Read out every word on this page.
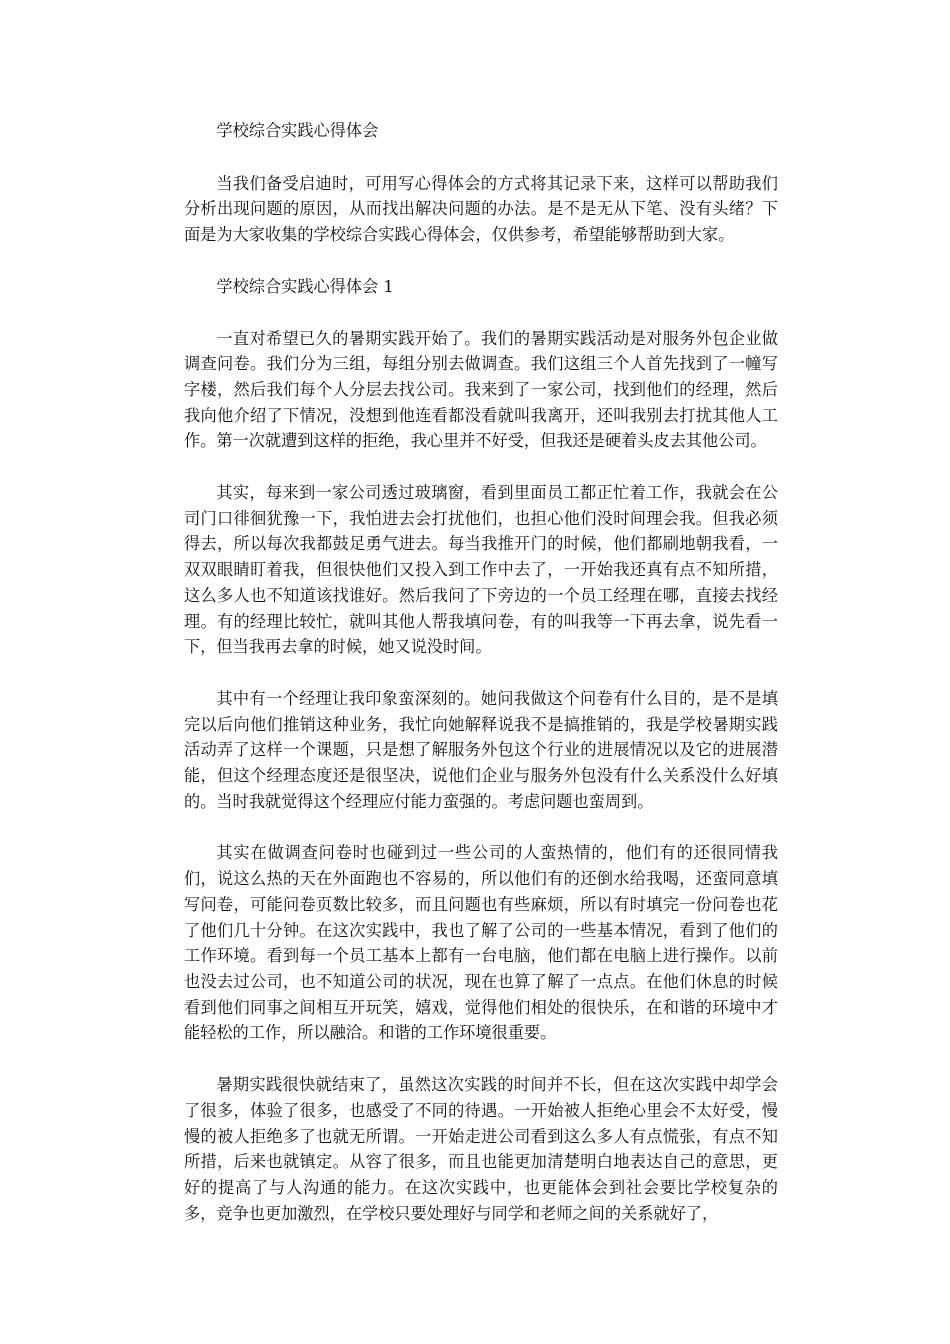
学校综合实践心得体会

当我们备受启迪时，可用写心得体会的方式将其记录下来，这样可以帮助我们分析出现问题的原因，从而找出解决问题的办法。是不是无从下笔、没有头绪？下面是为大家收集的学校综合实践心得体会，仅供参考，希望能够帮助到大家。

学校综合实践心得体会 1

一直对希望已久的暑期实践开始了。我们的暑期实践活动是对服务外包企业做调查问卷。我们分为三组，每组分别去做调查。我们这组三个人首先找到了一幢写字楼，然后我们每个人分层去找公司。我来到了一家公司，找到他们的经理，然后我向他介绍了下情况，没想到他连看都没看就叫我离开，还叫我别去打扰其他人工作。第一次就遭到这样的拒绝，我心里并不好受，但我还是硬着头皮去其他公司。

其实，每来到一家公司透过玻璃窗，看到里面员工都正忙着工作，我就会在公司门口徘徊犹豫一下，我怕进去会打扰他们，也担心他们没时间理会我。但我必须得去，所以每次我都鼓足勇气进去。每当我推开门的时候，他们都刷地朝我看，一双双眼睛盯着我，但很快他们又投入到工作中去了，一开始我还真有点不知所措，这么多人也不知道该找谁好。然后我问了下旁边的一个员工经理在哪，直接去找经理。有的经理比较忙，就叫其他人帮我填问卷，有的叫我等一下再去拿，说先看一下，但当我再去拿的时候，她又说没时间。

其中有一个经理让我印象蛮深刻的。她问我做这个问卷有什么目的，是不是填完以后向他们推销这种业务，我忙向她解释说我不是搞推销的，我是学校暑期实践活动弄了这样一个课题，只是想了解服务外包这个行业的进展情况以及它的进展潜能，但这个经理态度还是很坚决，说他们企业与服务外包没有什么关系没什么好填的。当时我就觉得这个经理应付能力蛮强的。考虑问题也蛮周到。

其实在做调查问卷时也碰到过一些公司的人蛮热情的，他们有的还很同情我们，说这么热的天在外面跑也不容易的，所以他们有的还倒水给我喝，还蛮同意填写问卷，可能问卷页数比较多，而且问题也有些麻烦，所以有时填完一份问卷也花了他们几十分钟。在这次实践中，我也了解了公司的一些基本情况，看到了他们的工作环境。看到每一个员工基本上都有一台电脑，他们都在电脑上进行操作。以前也没去过公司，也不知道公司的状况，现在也算了解了一点点。在他们休息的时候看到他们同事之间相互开玩笑，嬉戏，觉得他们相处的很快乐，在和谐的环境中才能轻松的工作，所以融洽。和谐的工作环境很重要。

暑期实践很快就结束了，虽然这次实践的时间并不长，但在这次实践中却学会了很多，体验了很多，也感受了不同的待遇。一开始被人拒绝心里会不太好受，慢慢的被人拒绝多了也就无所谓。一开始走进公司看到这么多人有点慌张，有点不知所措，后来也就镇定。从容了很多，而且也能更加清楚明白地表达自己的意思，更好的提高了与人沟通的能力。在这次实践中，也更能体会到社会要比学校复杂的多，竞争也更加激烈，在学校只要处理好与同学和老师之间的关系就好了，
